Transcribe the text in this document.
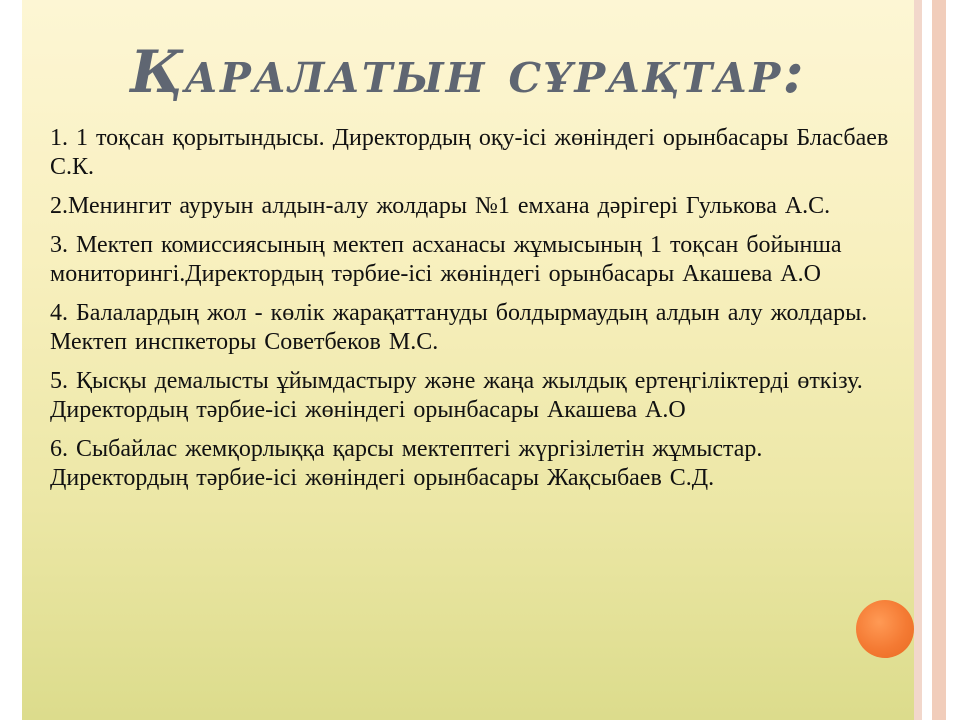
Қаралатын сұрақтар:

1. 1 тоқсан қорытындысы. Директордың оқу-ісі жөніндегі орынбасары Бласбаев С.К.

2.Менингит ауруын алдын-алу жолдары №1 емхана дәрігері Гулькова А.С.

3. Мектеп комиссиясының мектеп асханасы жұмысының 1 тоқсан бойынша мониторингі.Директордың тәрбие-ісі жөніндегі орынбасары Акашева А.О

4. Балалардың жол - көлік жарақаттануды болдырмаудың алдын алу жолдары. Мектеп инспкеторы Советбеков М.С.

5. Қысқы демалысты ұйымдастыру және жаңа жылдық ертеңгіліктерді өткізу. Директордың тәрбие-ісі жөніндегі орынбасары Акашева А.О

6. Сыбайлас жемқорлыққа қарсы мектептегі жүргізілетін жұмыстар. Директордың тәрбие-ісі жөніндегі орынбасары Жақсыбаев С.Д.
